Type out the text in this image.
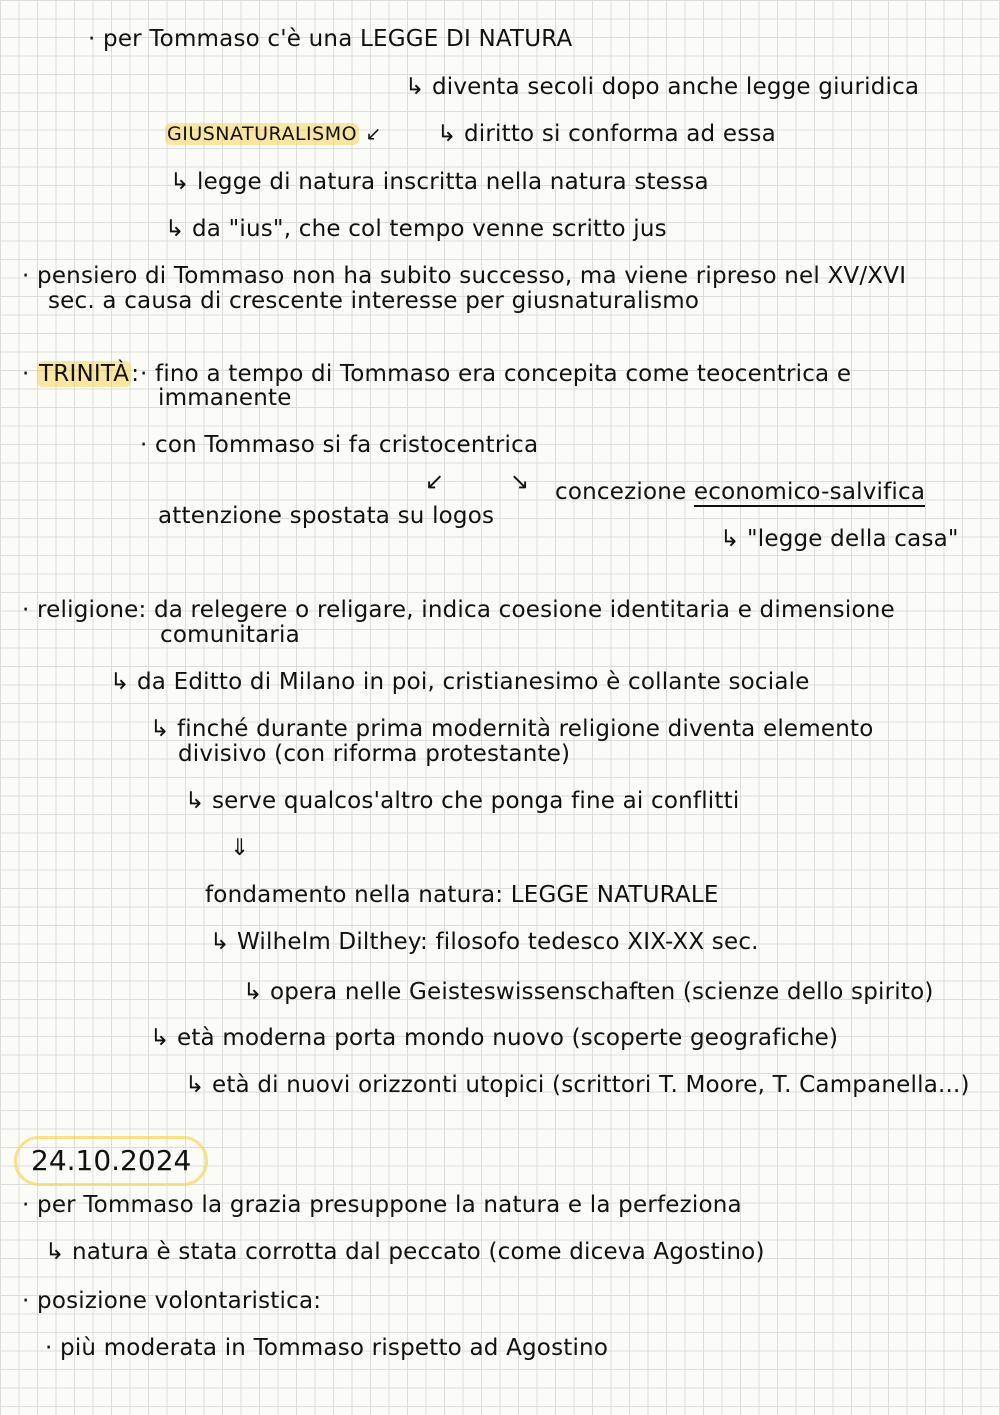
· per Tommaso c'è una LEGGE DI NATURA
↳ diventa secoli dopo anche legge giuridica
GIUSNATURALISMO ↙ ↳ diritto si conforma ad essa
↳ legge di natura inscritta nella natura stessa
↳ da "ius", che col tempo venne scritto jus
· pensiero di Tommaso non ha subito successo, ma viene ripreso nel XV/XVI
sec. a causa di crescente interesse per giusnaturalismo
· TRINITÀ: · fino a tempo di Tommaso era concepita come teocentrica e
immanente
· con Tommaso si fa cristocentrica
↙	↘ concezione economico-salvifica
attenzione spostata su logos
↳ "legge della casa"
· religione: da relegere o religare, indica coesione identitaria e dimensione
comunitaria
↳ da Editto di Milano in poi, cristianesimo è collante sociale
↳ finché durante prima modernità religione diventa elemento
divisivo (con riforma protestante)
↳ serve qualcos'altro che ponga fine ai conflitti
⇓
fondamento nella natura: LEGGE NATURALE
↳ Wilhelm Dilthey: filosofo tedesco XIX-XX sec.
↳ opera nelle Geisteswissenschaften (scienze dello spirito)
↳ età moderna porta mondo nuovo (scoperte geografiche)
↳ età di nuovi orizzonti utopici (scrittori T. Moore, T. Campanella...)
24.10.2024
· per Tommaso la grazia presuppone la natura e la perfeziona
↳ natura è stata corrotta dal peccato (come diceva Agostino)
· posizione volontaristica:
· più moderata in Tommaso rispetto ad Agostino
